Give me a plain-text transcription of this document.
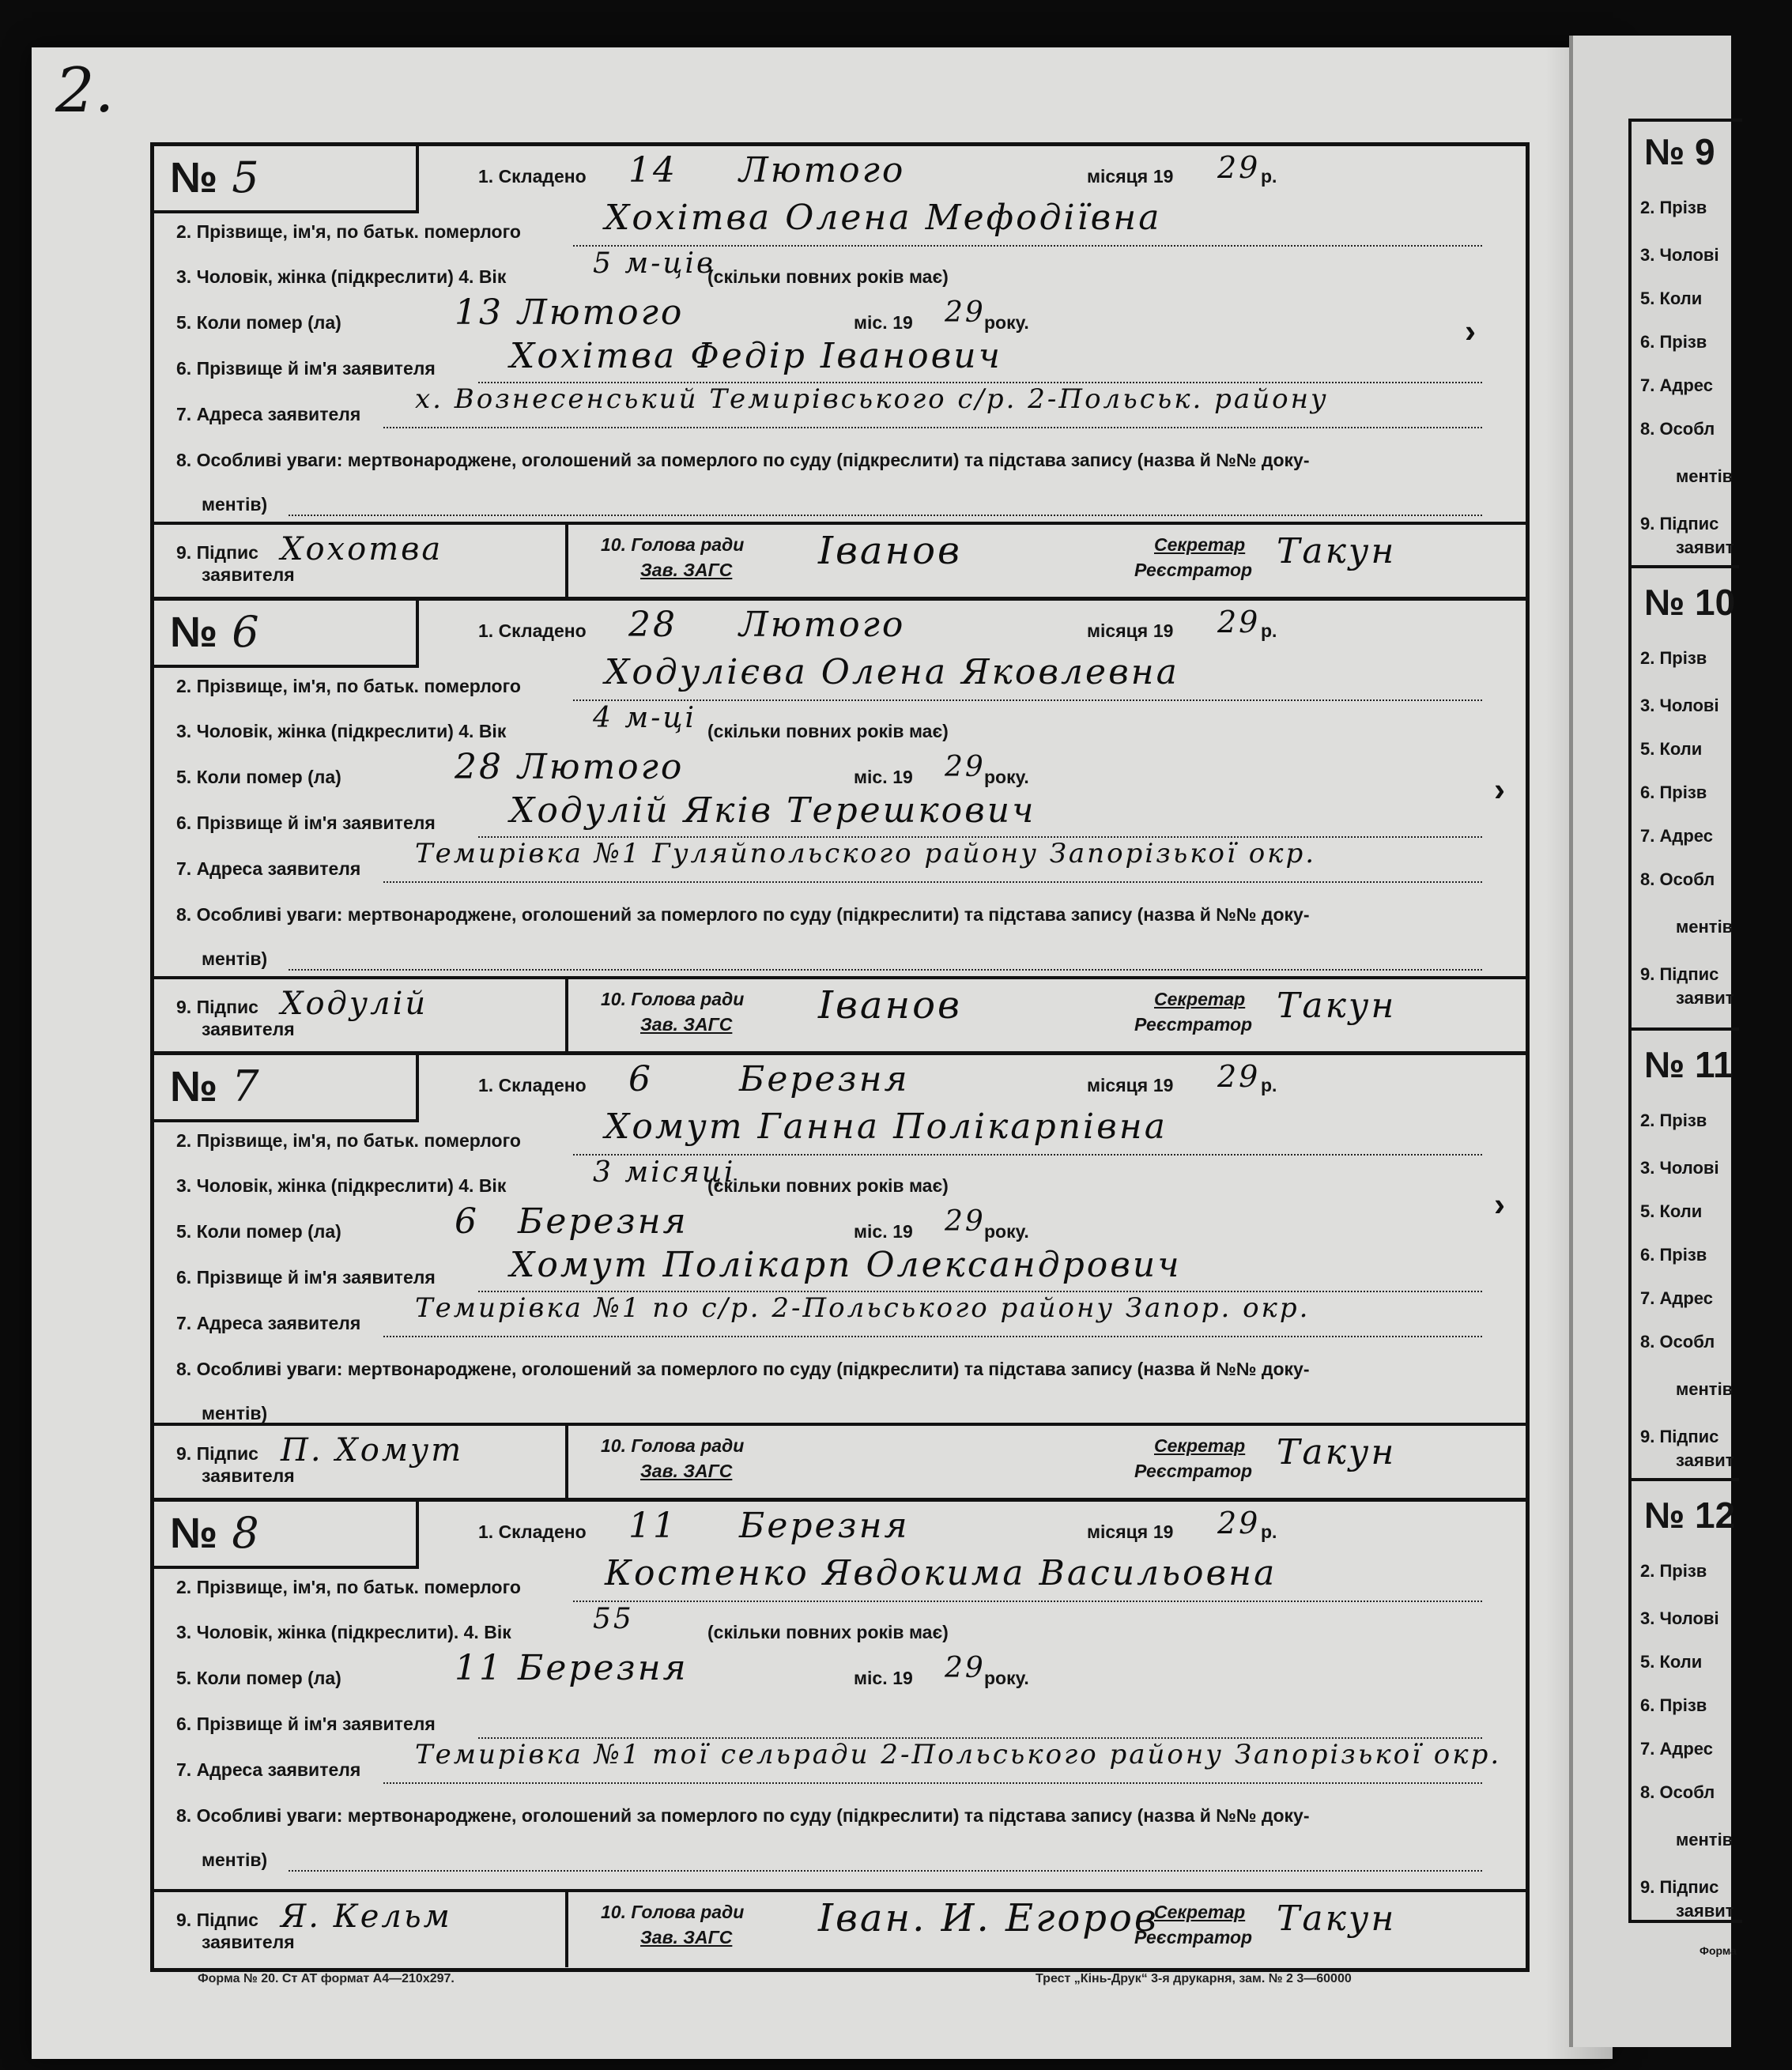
2.
№ 5	1. Складено 14 Лютого	місяця 19 29 р.
2. Прізвище, ім'я, по батьк. померлого Хохітва Олена Мефодіївна
3. Чоловік, жінка (підкреслити) 4. Вік	5 м-ців
(скільки повних років має)
5. Коли помер (ла)	13 Лютого	міс. 19 29
року.
6. Прізвище й ім'я заявителя Хохітва Федір Іванович
7. Адреса заявителя х. Вознесенський Темирівського с/р. 2-Польськ. району
8. Особливі уваги: мертвонароджене, оголошений за померлого по суду (підкреслити) та підстава запису (назва й №№ доку-
ментів)
9. Підпис
заявителя
Хохотва	10. Голова ради
Зав. ЗАГС Іванов	Секретар
Реєстратор Такун
№ 6	1. Складено 28 Лютого	місяця 19 29 р.
2. Прізвище, ім'я, по батьк. померлого Ходулієва Олена Яковлевна
3. Чоловік, жінка (підкреслити) 4. Вік	4 м-ці (скільки повних років має)
5. Коли помер (ла)	28 Лютого	міс. 19 29
року.
6. Прізвище й ім'я заявителя Ходулій Яків Терешкович
7. Адреса заявителя Темирівка №1 Гуляйпольского району Запорізької окр.
8. Особливі уваги: мертвонароджене, оголошений за померлого по суду (підкреслити) та підстава запису (назва й №№ доку-
ментів)
9. Підпис
заявителя
Ходулій	10. Голова ради
Зав. ЗАГС Іванов	Секретар
Реєстратор Такун
№ 7	1. Складено 6 Березня	місяця 19 29 р.
2. Прізвище, ім'я, по батьк. померлого Хомут Ганна Полікарпівна
3. Чоловік, жінка (підкреслити) 4. Вік	3 місяці
(скільки повних років має)
5. Коли помер (ла)	6 Березня	міс. 19 29
року.
6. Прізвище й ім'я заявителя Хомут Полікарп Олександрович
7. Адреса заявителя Темирівка №1 по с/р. 2-Польського району Запор. окр.
8. Особливі уваги: мертвонароджене, оголошений за померлого по суду (підкреслити) та підстава запису (назва й №№ доку-
ментів)
9. Підпис
заявителя
П. Хомут	10. Голова ради
Зав. ЗАГС
Секретар
Реєстратор Такун
№ 8	1. Складено 11 Березня	місяця 19 29 р.
2. Прізвище, ім'я, по батьк. померлого Костенко Явдокима Васильовна
3. Чоловік, жінка (підкреслити). 4. Вік	55	(скільки повних років має)
5. Коли помер (ла)	11 Березня	міс. 19 29
року.
6. Прізвище й ім'я заявителя
7. Адреса заявителя Темирівка №1 тої сельради 2-Польського району Запорізької окр.
8. Особливі уваги: мертвонароджене, оголошений за померлого по суду (підкреслити) та підстава запису (назва й №№ доку-
ментів)
9. Підпис
заявителя
Я. Кельм	10. Голова ради
Зав. ЗАГС Іван. И. Егоров
Секретар
Реєстратор Такун
Форма № 20. Ст АТ формат А4—210х297.	Трест „Кінь-Друк“ 3-я друкарня, зам. № 2 3—60000
№ 9
2. Прізв
3. Чолові
5. Коли
6. Прізв
7. Адрес
8. Особл
ментів
9. Підпис
заявит
№ 10
2. Прізв
3. Чолові
5. Коли
6. Прізв
7. Адрес
8. Особл
ментів
9. Підпис
заявит
№ 11
2. Прізв
3. Чолові
5. Коли
6. Прізв
7. Адрес
8. Особл
ментів
9. Підпис
заявит
№ 12
2. Прізв
3. Чолові
5. Коли
6. Прізв
7. Адрес
8. Особл
ментів
9. Підпис
заявит
Форма
›
›
›
